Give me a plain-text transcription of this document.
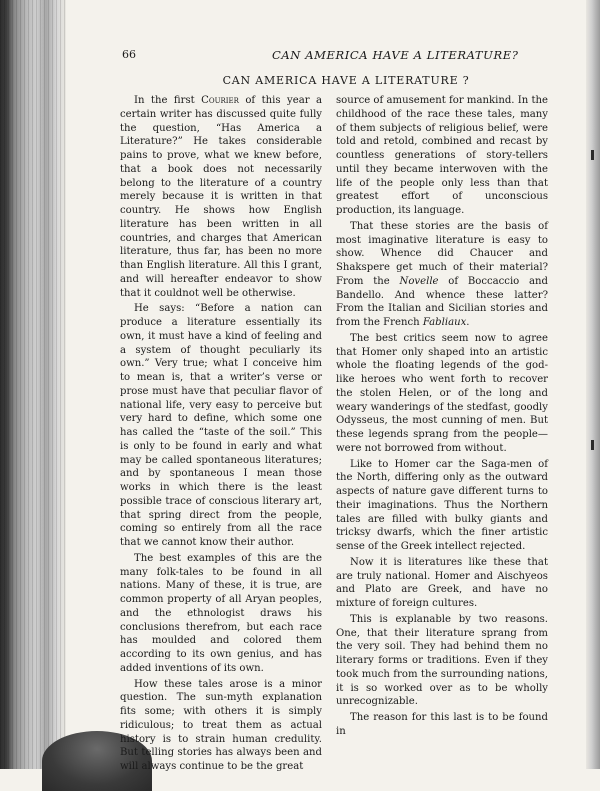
66	CAN AMERICA HAVE A LITERATURE?
CAN AMERICA HAVE A LITERATURE ?

In the first Courier of this year a certain writer has discussed quite fully the question, “Has America a Literature?” He takes considerable pains to prove, what we knew before, that a book does not necessarily belong to the literature of a country merely because it is written in that country. He shows how English literature has been written in all countries, and charges that American literature, thus far, has been no more than English literature. All this I grant, and will hereafter endeavor to show that it couldnot well be otherwise.

He says: “Before a nation can produce a literature essentially its own, it must have a kind of feeling and a system of thought peculiarly its own.” Very true; what I conceive him to mean is, that a writer’s verse or prose must have that peculiar flavor of national life, very easy to perceive but very hard to define, which some one has called the “taste of the soil.” This is only to be found in early and what may be called spontaneous literatures; and by spontaneous I mean those works in which there is the least possible trace of conscious literary art, that spring direct from the people, coming so entirely from all the race that we cannot know their author.

The best examples of this are the many folk-tales to be found in all nations. Many of these, it is true, are common property of all Aryan peoples, and the ethnologist draws his conclusions therefrom, but each race has moulded and colored them according to its own genius, and has added inventions of its own.

How these tales arose is a minor question. The sun-myth explanation fits some; with others it is simply ridiculous; to treat them as actual history is to strain human credulity. But telling stories has always been and will always continue to be the great

source of amusement for mankind. In the childhood of the race these tales, many of them subjects of religious belief, were told and retold, combined and recast by countless generations of story-tellers until they became interwoven with the life of the people only less than that greatest effort of unconscious production, its language.

That these stories are the basis of most imaginative literature is easy to show. Whence did Chaucer and Shakspere get much of their material? From the Novelle of Boccaccio and Bandello. And whence these latter? From the Italian and Sicilian stories and from the French Fabliaux.

The best critics seem now to agree that Homer only shaped into an artistic whole the floating legends of the god-like heroes who went forth to recover the stolen Helen, or of the long and weary wanderings of the stedfast, goodly Odysseus, the most cunning of men. But these legends sprang from the people—were not borrowed from without.

Like to Homer car the Saga-men of the North, differing only as the outward aspects of nature gave different turns to their imaginations. Thus the Northern tales are filled with bulky giants and tricksy dwarfs, which the finer artistic sense of the Greek intellect rejected.

Now it is literatures like these that are truly national. Homer and Aischyeos and Plato are Greek, and have no mixture of foreign cultures.

This is explanable by two reasons. One, that their literature sprang from the very soil. They had behind them no literary forms or traditions. Even if they took much from the surrounding nations, it is so worked over as to be wholly unrecognizable.

The reason for this last is to be found in
